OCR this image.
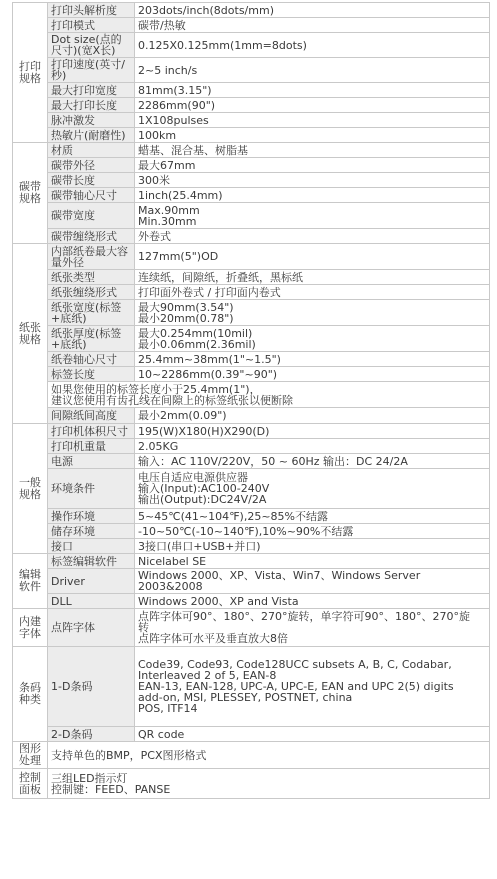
打印
规格	打印头解析度	203dots/inch(8dots/mm)
	打印模式	碳带/热敏
	Dot size(点的
尺寸)(宽X长)	0.125X0.125mm(1mm=8dots)
	打印速度(英寸/
秒)	2~5 inch/s
	最大打印宽度	81mm(3.15")
	最大打印长度	2286mm(90")
	脉冲激发	1X108pulses
	热敏片(耐磨性)	100km
碳带
规格	材质	蜡基、混合基、树脂基
	碳带外径	最大67mm
	碳带长度	300米
	碳带轴心尺寸	1inch(25.4mm)
	碳带宽度	Max.90mm
Min.30mm
	碳带缠绕形式	外卷式
纸张
规格	内部纸卷最大容
量外径	127mm(5")OD
	纸张类型	连续纸，间隙纸，折叠纸，黑标纸
	纸张缠绕形式	打印面外卷式 / 打印面内卷式
	纸张宽度(标签
+底纸)	最大90mm(3.54")
最小20mm(0.78")
	纸张厚度(标签
+底纸)	最大0.254mm(10mil)
最小0.06mm(2.36mil)
	纸卷轴心尺寸	25.4mm~38mm(1"~1.5")
	标签长度	10~2286mm(0.39"~90")
	如果您使用的标签长度小于25.4mm(1")，
建议您使用有齿孔线在间隙上的标签纸张以便断除	
	间隙纸间高度	最小2mm(0.09")
一般
规格	打印机体积尺寸	195(W)X180(H)X290(D)
	打印机重量	2.05KG
	电源	输入：AC 110V/220V，50 ~ 60Hz 输出：DC 24/2A
	环境条件	电压自适应电源供应器
输入(Input):AC100-240V
输出(Output):DC24V/2A
	操作环境	5~45℃(41~104℉),25~85%不结露
	储存环境	-10~50℃(-10~140℉),10%~90%不结露
	接口	3接口(串口+USB+并口)
编辑
软件	标签编辑软件	Nicelabel SE
	Driver	Windows 2000、XP、Vista、Win7、Windows Server
2003&2008
	DLL	Windows 2000、XP and Vista
内建
字体	点阵字体	点阵字体可90°、180°、270°旋转，单字符可90°、180°、270°旋
转
点阵字体可水平及垂直放大8倍
条码
种类	1-D条码	Code39, Code93, Code128UCC subsets A, B, C, Codabar,
Interleaved 2 of 5, EAN-8
EAN-13, EAN-128, UPC-A, UPC-E, EAN and UPC 2(5) digits
add-on, MSI, PLESSEY, POSTNET, china
POS, ITF14
	2-D条码	QR code
图形
处理	支持单色的BMP，PCX图形格式	
控制
面板	三组LED指示灯
控制键：FEED、PANSE	
